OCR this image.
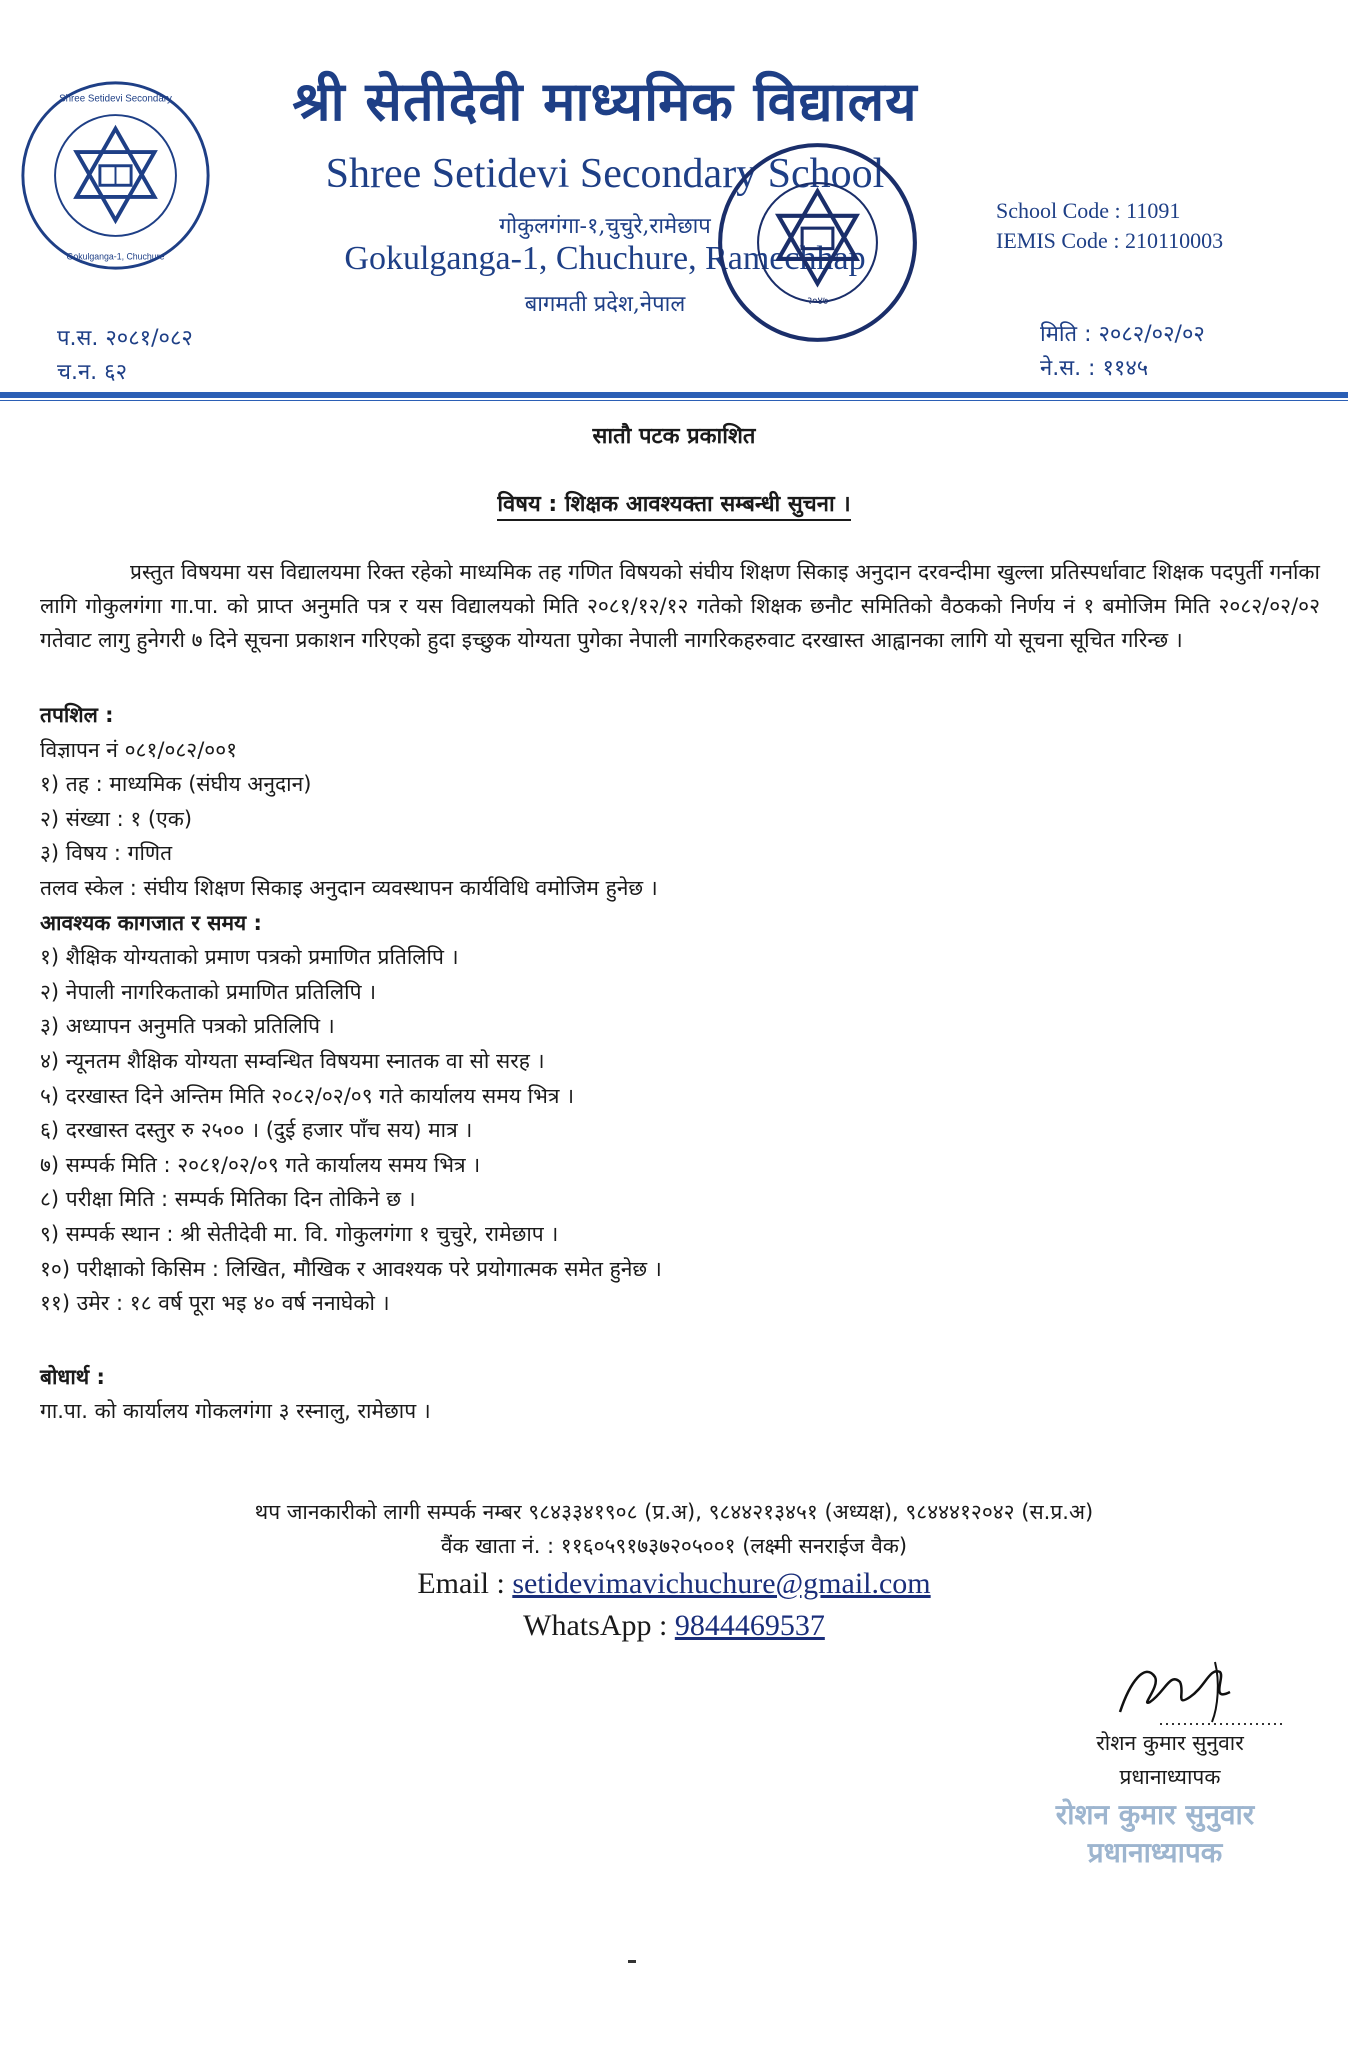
Shree Setidevi Secondary
Gokulganga-1, Chuchure
श्री सेतीदेवी माध्यमिक विद्यालय
Shree Setidevi Secondary School
गोकुलगंगा-१,चुचुरे,रामेछाप
Gokulganga-1, Chuchure, Ramechhap
बागमती प्रदेश,नेपाल	२०४७
School Code : 11091
IEMIS Code : 210110003
प.स. २०८१/०८२
च.न. ६२
मिति : २०८२/०२/०२
ने.स. : ११४५
सातौ पटक प्रकाशित
विषय : शिक्षक आवश्यक्ता सम्बन्धी सुचना ।
प्रस्तुत विषयमा यस विद्यालयमा रिक्त रहेको माध्यमिक तह गणित विषयको संघीय शिक्षण सिकाइ अनुदान दरवन्दीमा खुल्ला प्रतिस्पर्धावाट शिक्षक पदपुर्ती गर्नाका लागि गोकुलगंगा गा.पा. को प्राप्त अनुमति पत्र र यस विद्यालयको मिति २०८१/१२/१२ गतेको शिक्षक छनौट समितिको वैठकको निर्णय नं १ बमोजिम मिति २०८२/०२/०२ गतेवाट लागु हुनेगरी ७ दिने सूचना प्रकाशन गरिएको हुदा इच्छुक योग्यता पुगेका नेपाली नागरिकहरुवाट दरखास्त आह्वानका लागि यो सूचना सूचित गरिन्छ ।
तपशिल :
विज्ञापन नं ०८१/०८२/००१
१) तह : माध्यमिक (संघीय अनुदान)
२) संख्या : १ (एक)
३) विषय : गणित
तलव स्केल : संघीय शिक्षण सिकाइ अनुदान व्यवस्थापन कार्यविधि वमोजिम हुनेछ ।
आवश्यक कागजात र समय :
१) शैक्षिक योग्यताको प्रमाण पत्रको प्रमाणित प्रतिलिपि ।
२) नेपाली नागरिकताको प्रमाणित प्रतिलिपि ।
३) अध्यापन अनुमति पत्रको प्रतिलिपि ।
४) न्यूनतम शैक्षिक योग्यता सम्वन्धित विषयमा स्नातक वा सो सरह ।
५) दरखास्त दिने अन्तिम मिति २०८२/०२/०९ गते कार्यालय समय भित्र ।
६) दरखास्त दस्तुर रु २५०० । (दुई हजार पाँच सय) मात्र ।
७) सम्पर्क मिति : २०८१/०२/०९ गते कार्यालय समय भित्र ।
८) परीक्षा मिति : सम्पर्क मितिका दिन तोकिने छ ।
९) सम्पर्क स्थान : श्री सेतीदेवी मा. वि. गोकुलगंगा १ चुचुरे, रामेछाप ।
१०) परीक्षाको किसिम : लिखित, मौखिक र आवश्यक परे प्रयोगात्मक समेत हुनेछ ।
११) उमेर : १८ वर्ष पूरा भइ ४० वर्ष ननाघेको ।
बोधार्थ :
गा.पा. को कार्यालय गोकलगंगा ३ रस्नालु, रामेछाप ।
थप जानकारीको लागी सम्पर्क नम्बर ९८४३३४१९०८ (प्र.अ), ९८४४२१३४५१ (अध्यक्ष), ९८४४४१२०४२ (स.प्र.अ)
वैंक खाता नं. : ११६०५९१७३७२०५००१ (लक्ष्मी सनराईज वैक)
Email : setidevimavichuchure@gmail.com
WhatsApp : 9844469537
रोशन कुमार सुनुवार
प्रधानाध्यापक
रोशन कुमार सुनुवार
प्रधानाध्यापक
